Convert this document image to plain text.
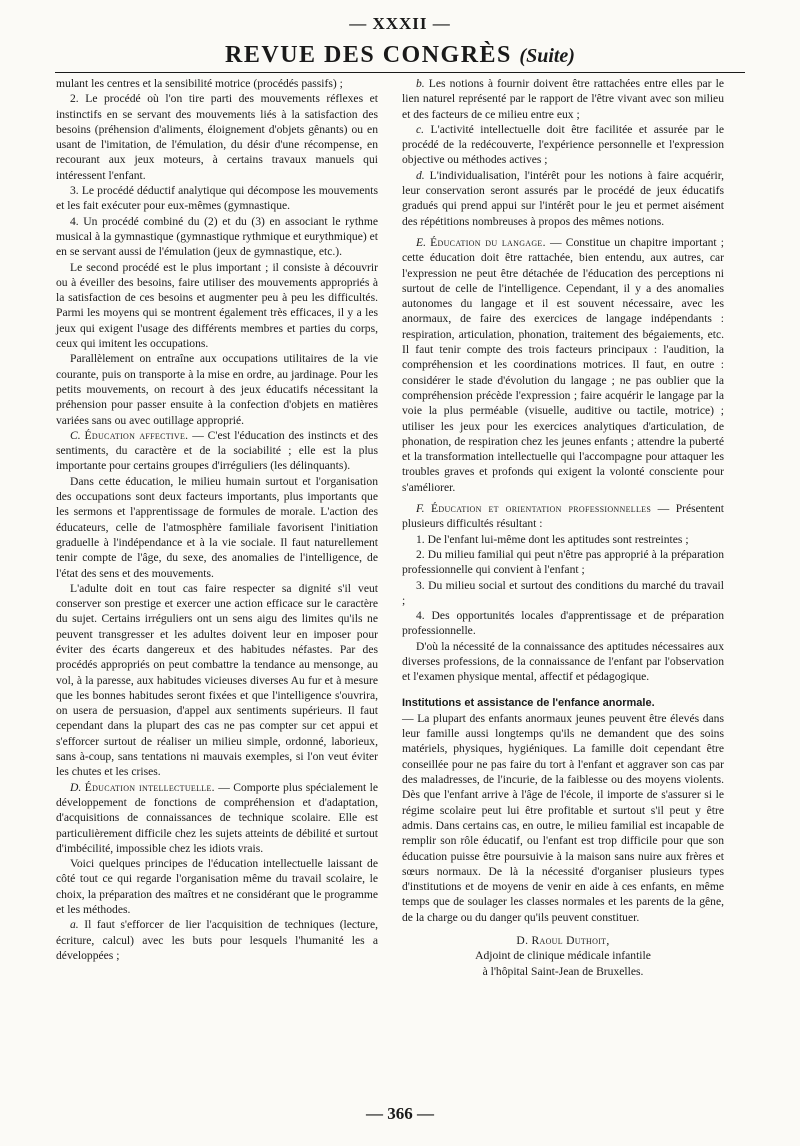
— XXXII —
REVUE DES CONGRÈS (Suite)

mulant les centres et la sensibilité motrice (procédés passifs) ;

2. Le procédé où l'on tire parti des mouvements réflexes et instinctifs en se servant des mouvements liés à la satisfaction des besoins (préhension d'aliments, éloignement d'objets gênants) ou en usant de l'imitation, de l'émulation, du désir d'une récompense, en recourant aux jeux moteurs, à certains travaux manuels qui intéressent l'enfant.

3. Le procédé déductif analytique qui décompose les mouvements et les fait exécuter pour eux-mêmes (gymnastique.

4. Un procédé combiné du (2) et du (3) en associant le rythme musical à la gymnastique (gymnastique rythmique et eurythmique) et en se servant aussi de l'émulation (jeux de gymnastique, etc.).

Le second procédé est le plus important ; il consiste à découvrir ou à éveiller des besoins, faire utiliser des mouvements appropriés à la satisfaction de ces besoins et augmenter peu à peu les difficultés. Parmi les moyens qui se montrent également très efficaces, il y a les jeux qui exigent l'usage des différents membres et parties du corps, ceux qui imitent les occupations.

Parallèlement on entraîne aux occupations utilitaires de la vie courante, puis on transporte à la mise en ordre, au jardinage. Pour les petits mouvements, on recourt à des jeux éducatifs nécessitant la préhension pour passer ensuite à la confection d'objets en matières variées sans ou avec outillage approprié.

C. Éducation affective. — C'est l'éducation des instincts et des sentiments, du caractère et de la sociabilité ; elle est la plus importante pour certains groupes d'irréguliers (les délinquants).

Dans cette éducation, le milieu humain surtout et l'organisation des occupations sont deux facteurs importants, plus importants que les sermons et l'apprentissage de formules de morale. L'action des éducateurs, celle de l'atmosphère familiale favorisent l'initiation graduelle à l'indépendance et à la vie sociale. Il faut naturellement tenir compte de l'âge, du sexe, des anomalies de l'intelligence, de l'état des sens et des mouvements.

L'adulte doit en tout cas faire respecter sa dignité s'il veut conserver son prestige et exercer une action efficace sur le caractère du sujet. Certains irréguliers ont un sens aigu des limites qu'ils ne peuvent transgresser et les adultes doivent leur en imposer pour éviter des écarts dangereux et des habitudes néfastes. Par des procédés appropriés on peut combattre la tendance au mensonge, au vol, à la paresse, aux habitudes vicieuses diverses Au fur et à mesure que les bonnes habitudes seront fixées et que l'intelligence s'ouvrira, on usera de persuasion, d'appel aux sentiments supérieurs. Il faut cependant dans la plupart des cas ne pas compter sur cet appui et s'efforcer surtout de réaliser un milieu simple, ordonné, laborieux, sans à-coup, sans tentations ni mauvais exemples, si l'on veut éviter les chutes et les crises.

D. Éducation intellectuelle. — Comporte plus spécialement le développement de fonctions de compréhension et d'adaptation, d'acquisitions de connaissances de technique scolaire. Elle est particulièrement difficile chez les sujets atteints de débilité et surtout d'imbécilité, impossible chez les idiots vrais.

Voici quelques principes de l'éducation intellectuelle laissant de côté tout ce qui regarde l'organisation même du travail scolaire, le choix, la préparation des maîtres et ne considérant que le programme et les méthodes.

a. Il faut s'efforcer de lier l'acquisition de techniques (lecture, écriture, calcul) avec les buts pour lesquels l'humanité les a développées ;

b. Les notions à fournir doivent être rattachées entre elles par le lien naturel représenté par le rapport de l'être vivant avec son milieu et des facteurs de ce milieu entre eux ;

c. L'activité intellectuelle doit être facilitée et assurée par le procédé de la redécouverte, l'expérience personnelle et l'expression objective ou méthodes actives ;

d. L'individualisation, l'intérêt pour les notions à faire acquérir, leur conservation seront assurés par le procédé de jeux éducatifs gradués qui prend appui sur l'intérêt pour le jeu et permet aisément des répétitions nombreuses à propos des mêmes notions.

E. Éducation du langage. — Constitue un chapitre important ; cette éducation doit être rattachée, bien entendu, aux autres, car l'expression ne peut être détachée de l'éducation des perceptions ni surtout de celle de l'intelligence. Cependant, il y a des anomalies autonomes du langage et il est souvent nécessaire, avec les anormaux, de faire des exercices de langage indépendants : respiration, articulation, phonation, traitement des bégaiements, etc. Il faut tenir compte des trois facteurs principaux : l'audition, la compréhension et les coordinations motrices. Il faut, en outre : considérer le stade d'évolution du langage ; ne pas oublier que la compréhension précède l'expression ; faire acquérir le langage par la voie la plus perméable (visuelle, auditive ou tactile, motrice) ; utiliser les jeux pour les exercices analytiques d'articulation, de phonation, de respiration chez les jeunes enfants ; attendre la puberté et la transformation intellectuelle qui l'accompagne pour attaquer les troubles graves et profonds qui exigent la volonté consciente pour s'améliorer.

F. Éducation et orientation professionnelles — Présentent plusieurs difficultés résultant :

1. De l'enfant lui-même dont les aptitudes sont restreintes ;

2. Du milieu familial qui peut n'être pas approprié à la préparation professionnelle qui convient à l'enfant ;

3. Du milieu social et surtout des conditions du marché du travail ;

4. Des opportunités locales d'apprentissage et de préparation professionnelle.

D'où la nécessité de la connaissance des aptitudes nécessaires aux diverses professions, de la connaissance de l'enfant par l'observation et l'examen physique mental, affectif et pédagogique.

Institutions et assistance de l'enfance anormale.

— La plupart des enfants anormaux jeunes peuvent être élevés dans leur famille aussi longtemps qu'ils ne demandent que des soins matériels, physiques, hygiéniques. La famille doit cependant être conseillée pour ne pas faire du tort à l'enfant et aggraver son cas par des maladresses, de l'incurie, de la faiblesse ou des moyens violents. Dès que l'enfant arrive à l'âge de l'école, il importe de s'assurer si le régime scolaire peut lui être profitable et surtout s'il peut y être admis. Dans certains cas, en outre, le milieu familial est incapable de remplir son rôle éducatif, ou l'enfant est trop difficile pour que son éducation puisse être poursuivie à la maison sans nuire aux frères et sœurs normaux. De là la nécessité d'organiser plusieurs types d'institutions et de moyens de venir en aide à ces enfants, en même temps que de soulager les classes normales et les parents de la gêne, de la charge ou du danger qu'ils peuvent constituer.

D. Raoul Duthoit,
Adjoint de clinique médicale infantile
à l'hôpital Saint-Jean de Bruxelles.
— 366 —
